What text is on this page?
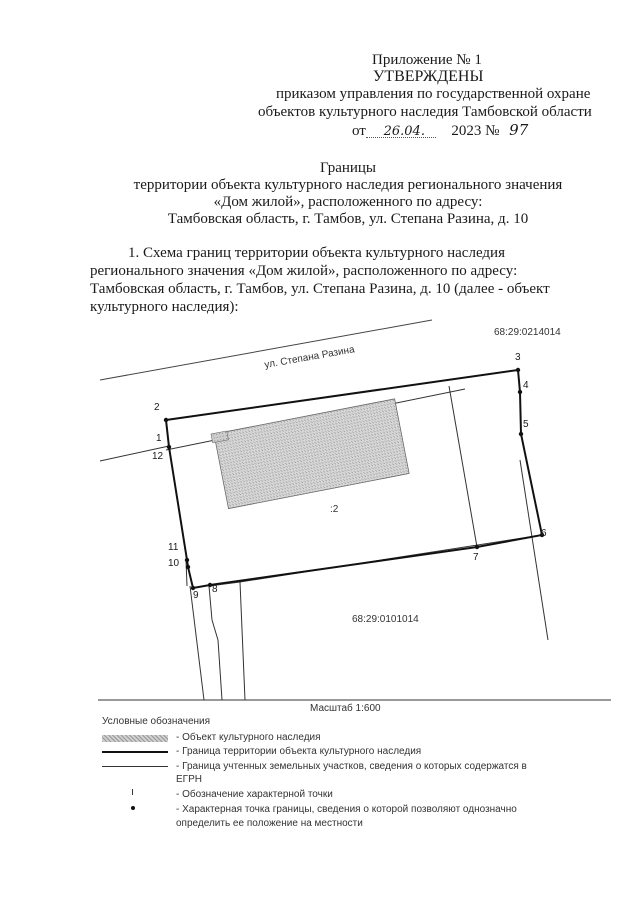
Приложение № 1
УТВЕРЖДЕНЫ
приказом управления по государственной охране
объектов культурного наследия Тамбовской области
от 26.04. 2023 № 97
Границы
территории объекта культурного наследия регионального значения
«Дом жилой», расположенного по адресу:
Тамбовская область, г. Тамбов, ул. Степана Разина, д. 10
1. Схема границ территории объекта культурного наследия
регионального значения «Дом жилой», расположенного по адресу:
Тамбовская область, г. Тамбов, ул. Степана Разина, д. 10 (далее - объект
культурного наследия):
ул. Степана Разина
68:29:0214014
:2
1
2
3
4
5
6
7
8
9
10
11
12
68:29:0101014
Масштаб 1:600
Условные обозначения
- Объект культурного наследия
- Граница территории объекта культурного наследия
- Граница учтенных земельных участков, сведения о которых содержатся в
ЕГРН
- Обозначение характерной точки
- Характерная точка границы, сведения о которой позволяют однозначно
определить ее положение на местности
